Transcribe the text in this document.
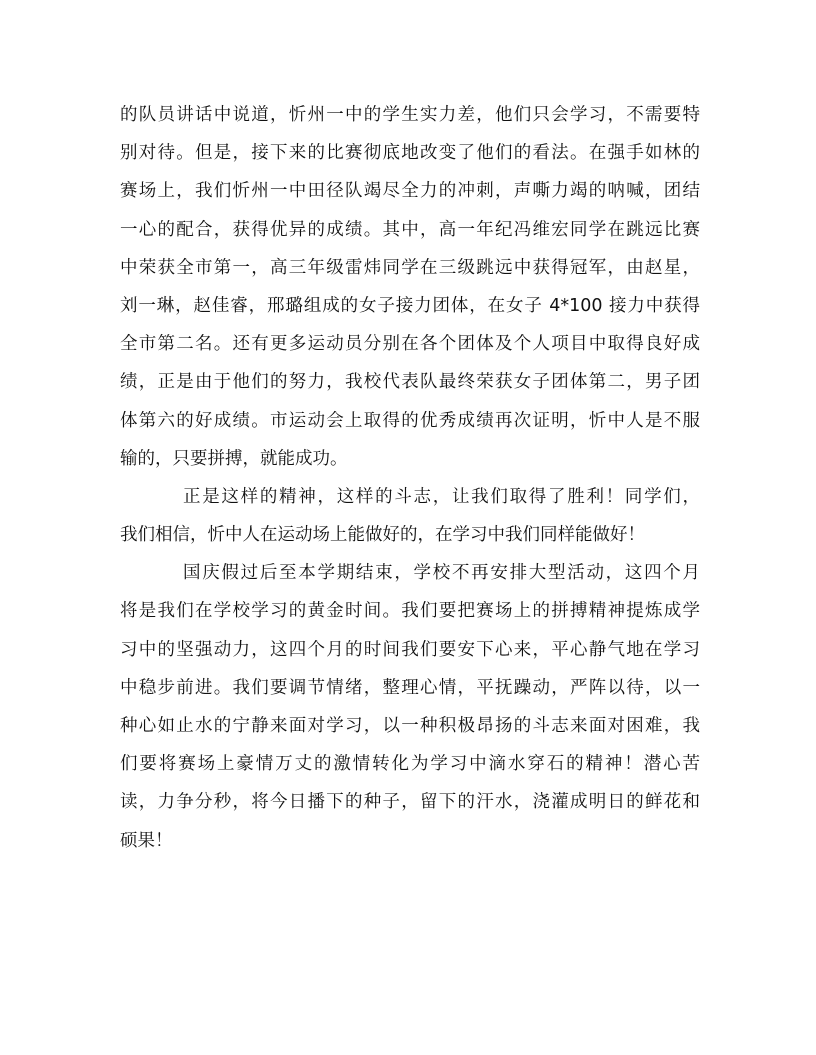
的队员讲话中说道，忻州一中的学生实力差，他们只会学习，不需要特
别对待。但是，接下来的比赛彻底地改变了他们的看法。在强手如林的
赛场上，我们忻州一中田径队竭尽全力的冲刺，声嘶力竭的呐喊，团结
一心的配合，获得优异的成绩。其中，高一年纪冯维宏同学在跳远比赛
中荣获全市第一，高三年级雷炜同学在三级跳远中获得冠军，由赵星，
刘一琳，赵佳睿，邢璐组成的女子接力团体，在女子 4*100 接力中获得
全市第二名。还有更多运动员分别在各个团体及个人项目中取得良好成
绩，正是由于他们的努力，我校代表队最终荣获女子团体第二，男子团
体第六的好成绩。市运动会上取得的优秀成绩再次证明，忻中人是不服
输的，只要拼搏，就能成功。
正是这样的精神，这样的斗志，让我们取得了胜利！同学们，
我们相信，忻中人在运动场上能做好的，在学习中我们同样能做好！
国庆假过后至本学期结束，学校不再安排大型活动，这四个月
将是我们在学校学习的黄金时间。我们要把赛场上的拼搏精神提炼成学
习中的坚强动力，这四个月的时间我们要安下心来，平心静气地在学习
中稳步前进。我们要调节情绪，整理心情，平抚躁动，严阵以待，以一
种心如止水的宁静来面对学习，以一种积极昂扬的斗志来面对困难，我
们要将赛场上豪情万丈的激情转化为学习中滴水穿石的精神！潜心苦
读，力争分秒，将今日播下的种子，留下的汗水，浇灌成明日的鲜花和
硕果！
